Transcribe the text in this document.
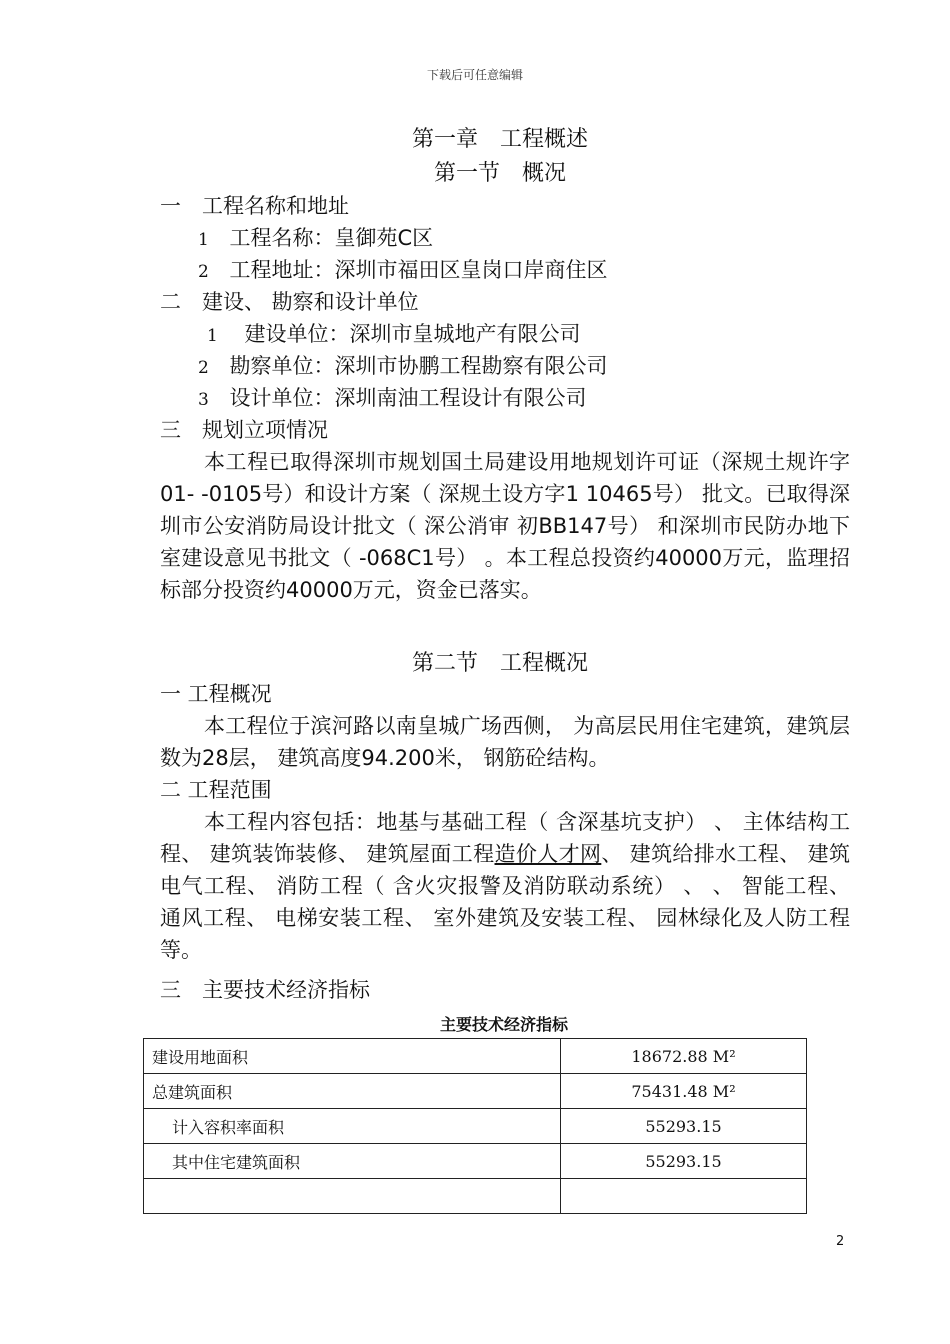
下载后可任意编辑
第一章　工程概述
第一节　概况
一　工程名称和地址
1 工程名称：皇御苑C区
2 工程地址：深圳市福田区皇岗口岸商住区
二　建设、 勘察和设计单位
1 建设单位：深圳市皇城地产有限公司
2 勘察单位：深圳市协鹏工程勘察有限公司
3 设计单位：深圳南油工程设计有限公司
三　规划立项情况

本工程已取得深圳市规划国土局建设用地规划许可证（深规土规许字01- -0105号）和设计方案（ 深规土设方字1 10465号） 批文。已取得深圳市公安消防局设计批文（ 深公消审 初BB147号） 和深圳市民防办地下室建设意见书批文（ -068C1号） 。本工程总投资约40000万元，监理招标部分投资约40000万元，资金已落实。

第二节　工程概况
一 工程概况

本工程位于滨河路以南皇城广场西侧， 为高层民用住宅建筑，建筑层数为28层， 建筑高度94.200米， 钢筋砼结构。

二 工程范围

本工程内容包括：地基与基础工程（ 含深基坑支护） 、 主体结构工程、 建筑装饰装修、 建筑屋面工程造价人才网、 建筑给排水工程、 建筑电气工程、 消防工程（ 含火灾报警及消防联动系统） 、 、 智能工程、 通风工程、 电梯安装工程、 室外建筑及安装工程、 园林绿化及人防工程等。

三　主要技术经济指标
主要技术经济指标
建设用地面积	18672.88 M²
总建筑面积	75431.48 M²
计入容积率面积	55293.15
其中住宅建筑面积	55293.15

2
